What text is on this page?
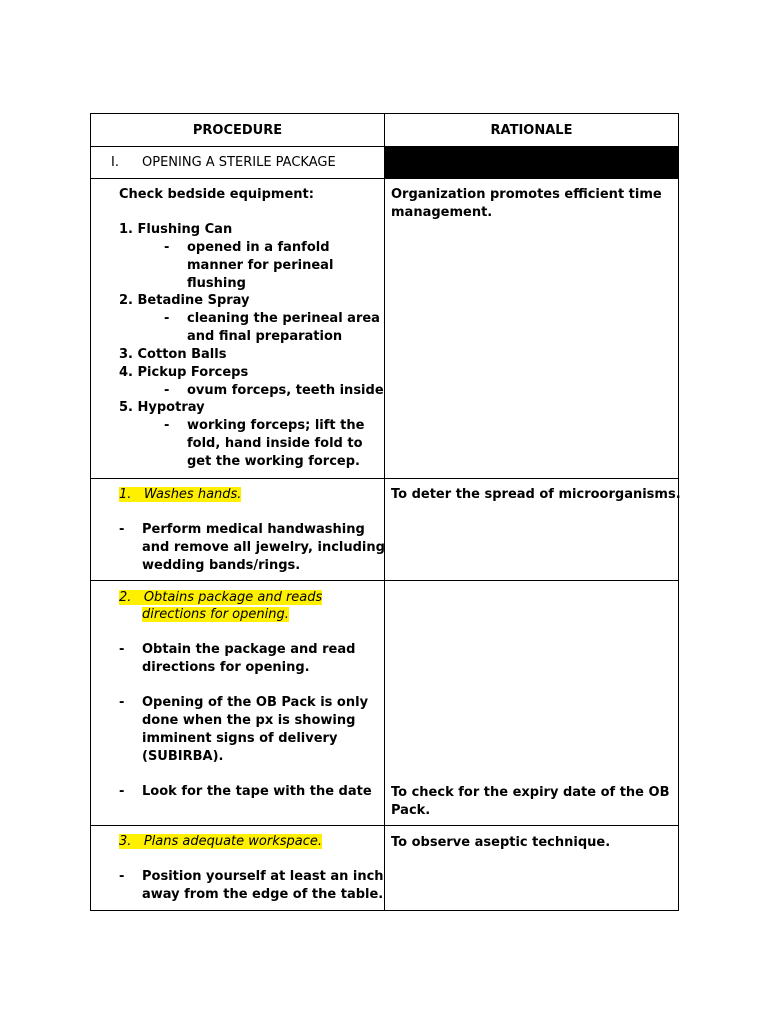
PROCEDURE	RATIONALE
I. OPENING A STERILE PACKAGE
Check bedside equipment:
1. Flushing Can
- opened in a fanfold
manner for perineal
flushing
2. Betadine Spray
- cleaning the perineal area
and final preparation
3. Cotton Balls
4. Pickup Forceps
- ovum forceps, teeth inside
5. Hypotray
- working forceps; lift the
fold, hand inside fold to
get the working forcep.
Organization promotes efficient time
management.
1. Washes hands.
- Perform medical handwashing
and remove all jewelry, including
wedding bands/rings.
To deter the spread of microorganisms.
2. Obtains package and reads
directions for opening.
- Obtain the package and read
directions for opening.
- Opening of the OB Pack is only
done when the px is showing
imminent signs of delivery
(SUBIRBA).
- Look for the tape with the date To check for the expiry date of the OB
Pack.
3. Plans adequate workspace.
- Position yourself at least an inch
away from the edge of the table.
To observe aseptic technique.
